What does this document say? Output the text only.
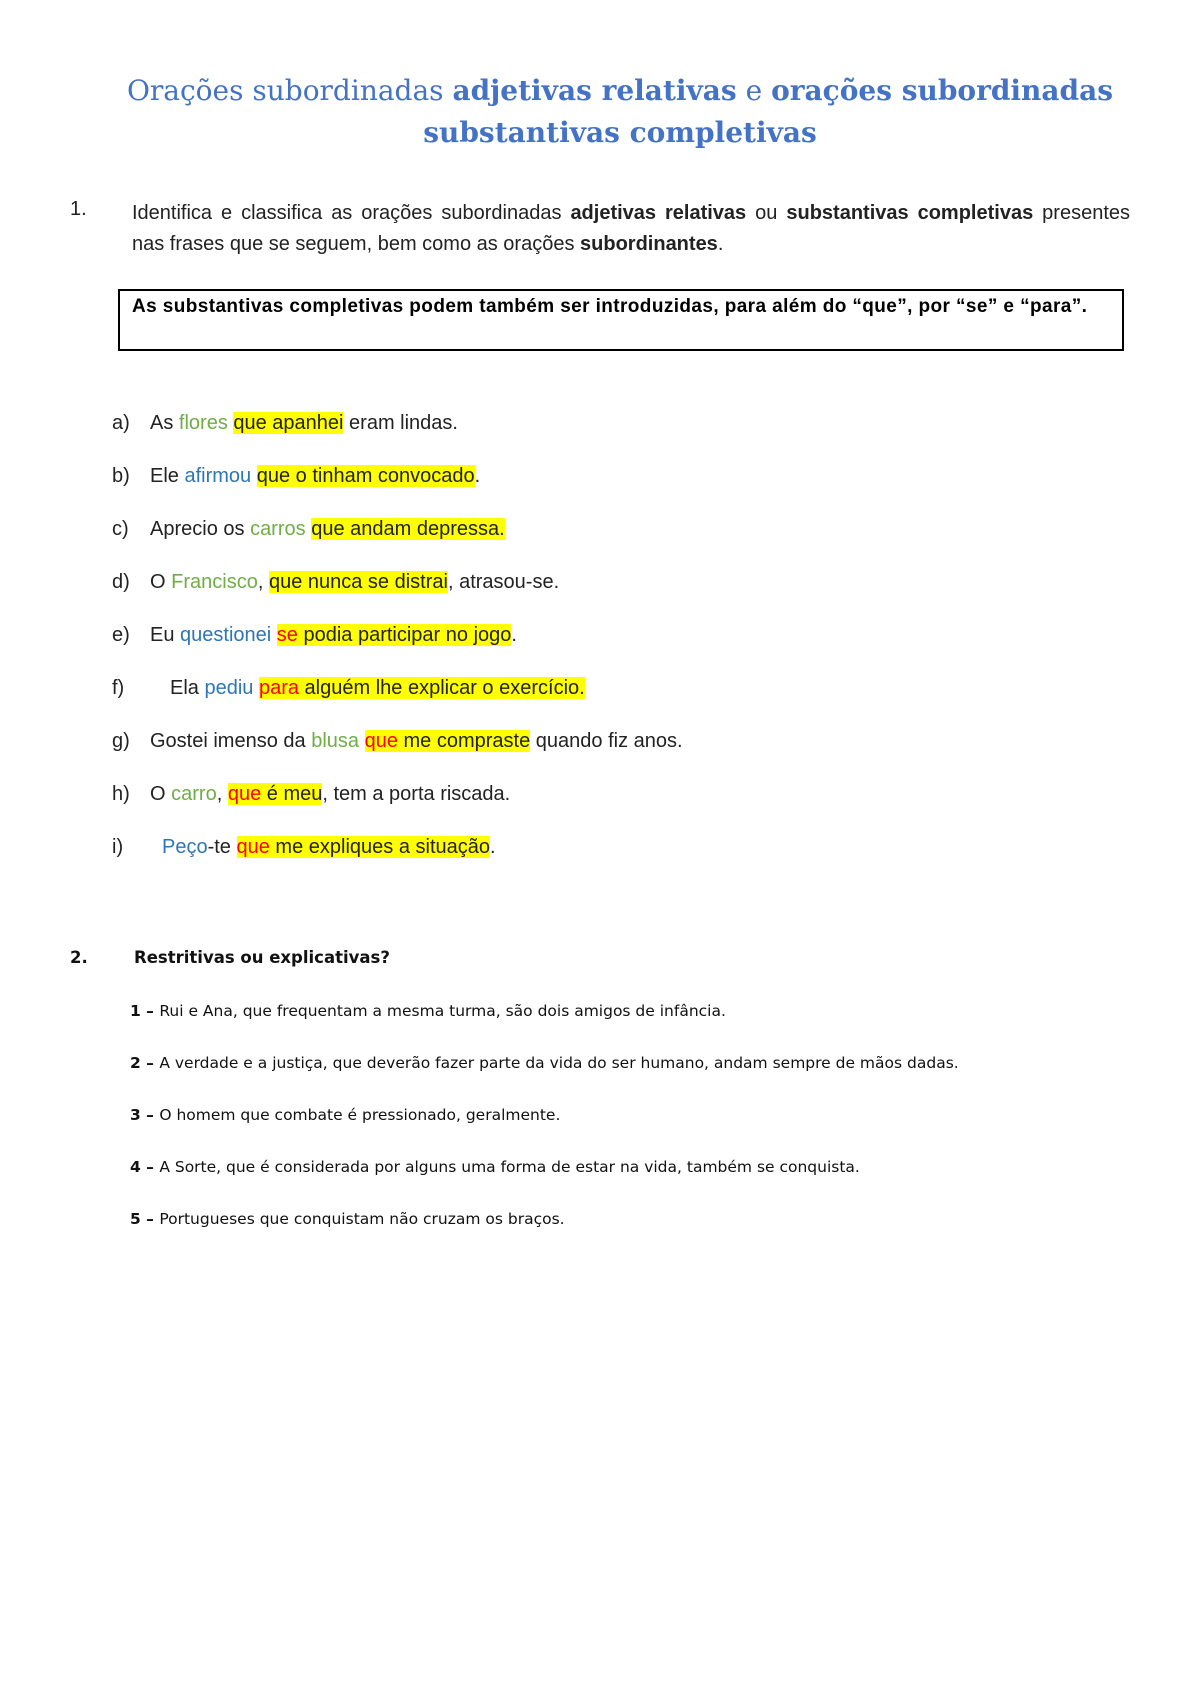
Orações subordinadas adjetivas relativas e orações subordinadas
substantivas completivas
1. Identifica e classifica as orações subordinadas adjetivas relativas ou substantivas completivas presentes nas frases que se seguem, bem como as orações subordinantes.
As substantivas completivas podem também ser introduzidas, para além do “que”, por “se” e “para”.
a) As flores que apanhei eram lindas.
b) Ele afirmou que o tinham convocado.
c) Aprecio os carros que andam depressa.
d) O Francisco, que nunca se distrai, atrasou-se.
e) Eu questionei se podia participar no jogo.
f) Ela pediu para alguém lhe explicar o exercício.
g) Gostei imenso da blusa que me compraste quando fiz anos.
h) O carro, que é meu, tem a porta riscada.
i) Peço-te que me expliques a situação.
2.	Restritivas ou explicativas?
1 – Rui e Ana, que frequentam a mesma turma, são dois amigos de infância.
2 – A verdade e a justiça, que deverão fazer parte da vida do ser humano, andam sempre de mãos dadas.
3 – O homem que combate é pressionado, geralmente.
4 – A Sorte, que é considerada por alguns uma forma de estar na vida, também se conquista.
5 – Portugueses que conquistam não cruzam os braços.
